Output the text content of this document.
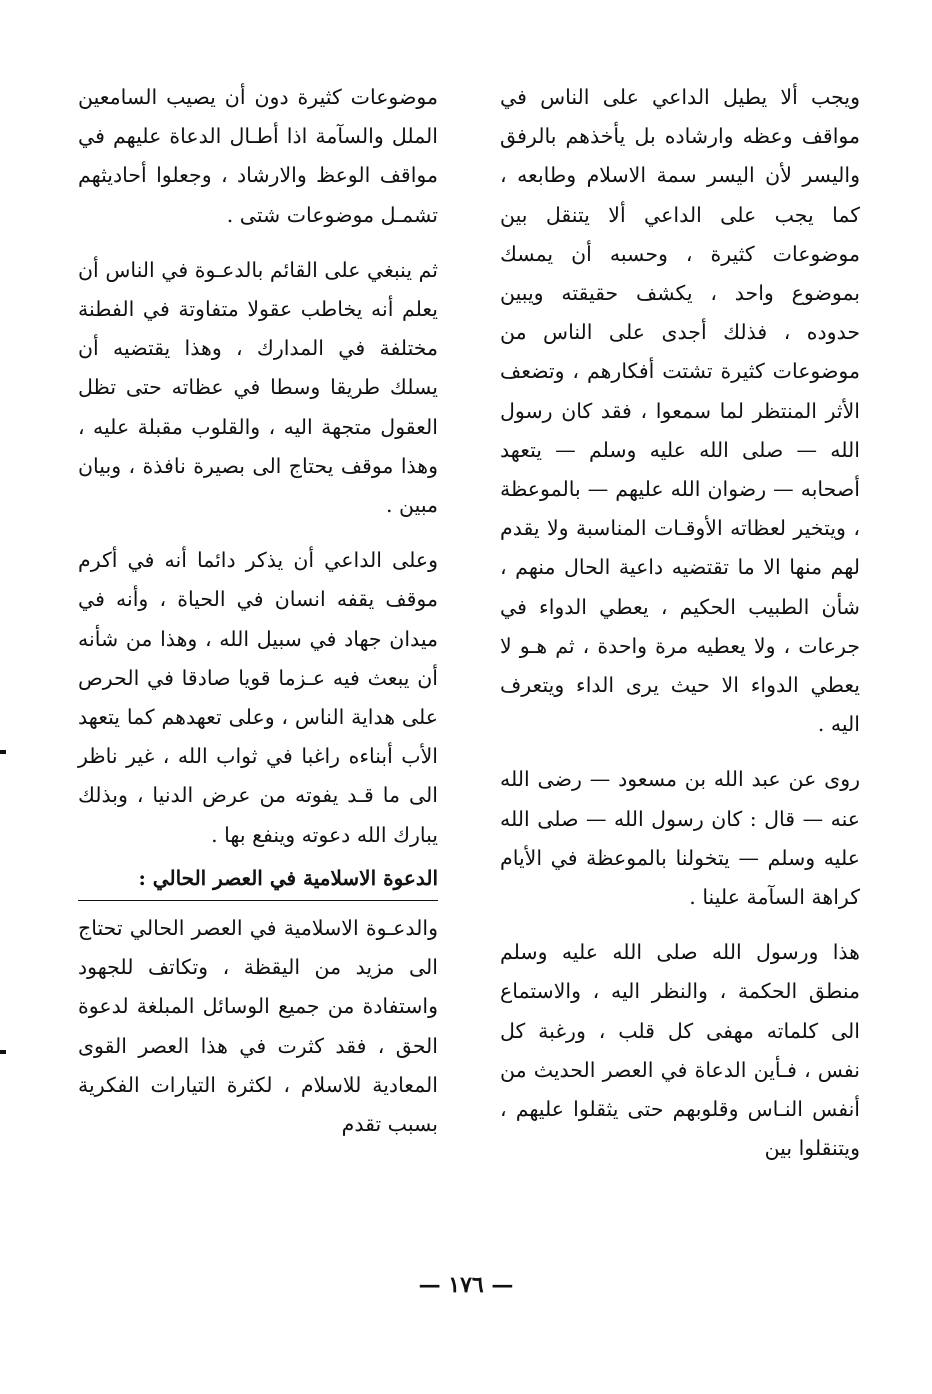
ويجب ألا يطيل الداعي على الناس في مواقف وعظه وارشاده بل يأخذهم بالرفق واليسر لأن اليسر سمة الاسلام وطابعه ، كما يجب على الداعي ألا يتنقل بين موضوعات كثيرة ، وحسبه أن يمسك بموضوع واحد ، يكشف حقيقته ويبين حدوده ، فذلك أجدى على الناس من موضوعات كثيرة تشتت أفكارهم ، وتضعف الأثر المنتظر لما سمعوا ، فقد كان رسول الله — صلى الله عليه وسلم — يتعهد أصحابه — رضوان الله عليهم — بالموعظة ، ويتخير لعظاته الأوقـات المناسبة ولا يقدم لهم منها الا ما تقتضيه داعية الحال منهم ، شأن الطبيب الحكيم ، يعطي الدواء في جرعات ، ولا يعطيه مرة واحدة ، ثم هـو لا يعطي الدواء الا حيث يرى الداء ويتعرف اليه .

روى عن عبد الله بن مسعود — رضى الله عنه — قال : كان رسول الله — صلى الله عليه وسلم — يتخولنا بالموعظة في الأيام كراهة السآمة علينا .

هذا ورسول الله صلى الله عليه وسلم منطق الحكمة ، والنظر اليه ، والاستماع الى كلماته مهفى كل قلب ، ورغبة كل نفس ، فـأين الدعاة في العصر الحديث من أنفس النـاس وقلوبهم حتى يثقلوا عليهم ، ويتنقلوا بين

موضوعات كثيرة دون أن يصيب السامعين الملل والسآمة اذا أطـال الدعاة عليهم في مواقف الوعظ والارشاد ، وجعلوا أحاديثهم تشمـل موضوعات شتى .

ثم ينبغي على القائم بالدعـوة في الناس أن يعلم أنه يخاطب عقولا متفاوتة في الفطنة مختلفة في المدارك ، وهذا يقتضيه أن يسلك طريقا وسطا في عظاته حتى تظل العقول متجهة اليه ، والقلوب مقبلة عليه ، وهذا موقف يحتاج الى بصيرة نافذة ، وبيان مبين .

وعلى الداعي أن يذكر دائما أنه في أكرم موقف يقفه انسان في الحياة ، وأنه في ميدان جهاد في سبيل الله ، وهذا من شأنه أن يبعث فيه عـزما قويا صادقا في الحرص على هداية الناس ، وعلى تعهدهم كما يتعهد الأب أبناءه راغبا في ثواب الله ، غير ناظر الى ما قـد يفوته من عرض الدنيا ، وبذلك يبارك الله دعوته وينفع بها .

الدعوة الاسلامية في العصر الحالي :

والدعـوة الاسلامية في العصر الحالي تحتاج الى مزيد من اليقظة ، وتكاتف للجهود واستفادة من جميع الوسائل المبلغة لدعوة الحق ، فقد كثرت في هذا العصر القوى المعادية للاسلام ، لكثرة التيارات الفكرية بسبب تقدم

— ١٧٦ —
